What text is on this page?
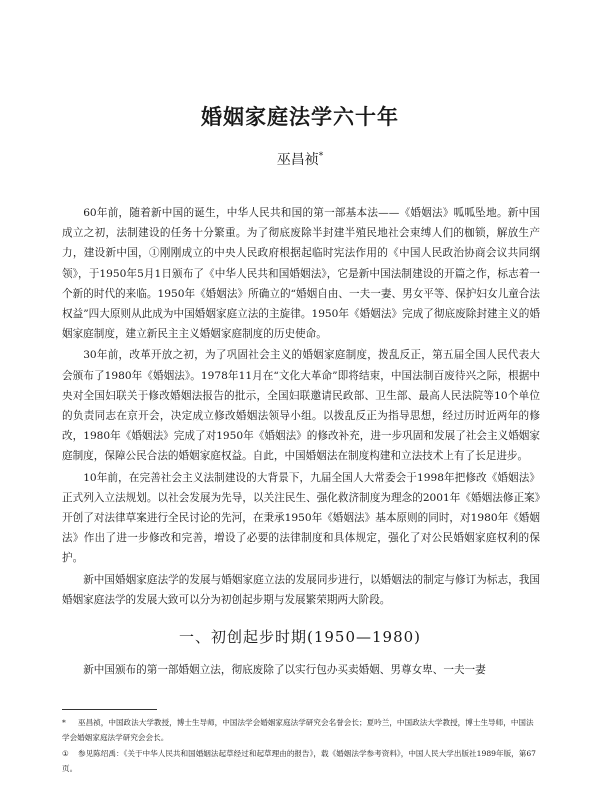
婚姻家庭法学六十年
巫昌祯*

60年前，随着新中国的诞生，中华人民共和国的第一部基本法——《婚姻法》呱呱坠地。新中国成立之初，法制建设的任务十分繁重。为了彻底废除半封建半殖民地社会束缚人们的枷锁，解放生产力，建设新中国，①刚刚成立的中央人民政府根据起临时宪法作用的《中国人民政治协商会议共同纲领》，于1950年5月1日颁布了《中华人民共和国婚姻法》，它是新中国法制建设的开篇之作，标志着一个新的时代的来临。1950年《婚姻法》所确立的“婚姻自由、一夫一妻、男女平等、保护妇女儿童合法权益”四大原则从此成为中国婚姻家庭立法的主旋律。1950年《婚姻法》完成了彻底废除封建主义的婚姻家庭制度，建立新民主主义婚姻家庭制度的历史使命。

30年前，改革开放之初，为了巩固社会主义的婚姻家庭制度，拨乱反正，第五届全国人民代表大会颁布了1980年《婚姻法》。1978年11月在“文化大革命”即将结束，中国法制百废待兴之际，根据中央对全国妇联关于修改婚姻法报告的批示，全国妇联邀请民政部、卫生部、最高人民法院等10个单位的负责同志在京开会，决定成立修改婚姻法领导小组。以拨乱反正为指导思想，经过历时近两年的修改，1980年《婚姻法》完成了对1950年《婚姻法》的修改补充，进一步巩固和发展了社会主义婚姻家庭制度，保障公民合法的婚姻家庭权益。自此，中国婚姻法在制度构建和立法技术上有了长足进步。

10年前，在完善社会主义法制建设的大背景下，九届全国人大常委会于1998年把修改《婚姻法》正式列入立法规划。以社会发展为先导，以关注民生、强化救济制度为理念的2001年《婚姻法修正案》开创了对法律草案进行全民讨论的先河，在秉承1950年《婚姻法》基本原则的同时，对1980年《婚姻法》作出了进一步修改和完善，增设了必要的法律制度和具体规定，强化了对公民婚姻家庭权利的保护。

新中国婚姻家庭法学的发展与婚姻家庭立法的发展同步进行，以婚姻法的制定与修订为标志，我国婚姻家庭法学的发展大致可以分为初创起步期与发展繁荣期两大阶段。

一、初创起步时期(1950—1980)
新中国颁布的第一部婚姻立法，彻底废除了以实行包办买卖婚姻、男尊女卑、一夫一妻
* 巫昌祯，中国政法大学教授，博士生导师，中国法学会婚姻家庭法学研究会名誉会长；夏吟兰，中国政法大学教授，博士生导师，中国法学会婚姻家庭法学研究会会长。
① 参见陈绍禹：《关于中华人民共和国婚姻法起草经过和起草理由的报告》，载《婚姻法学参考资料》，中国人民大学出版社1989年版，第67页。
